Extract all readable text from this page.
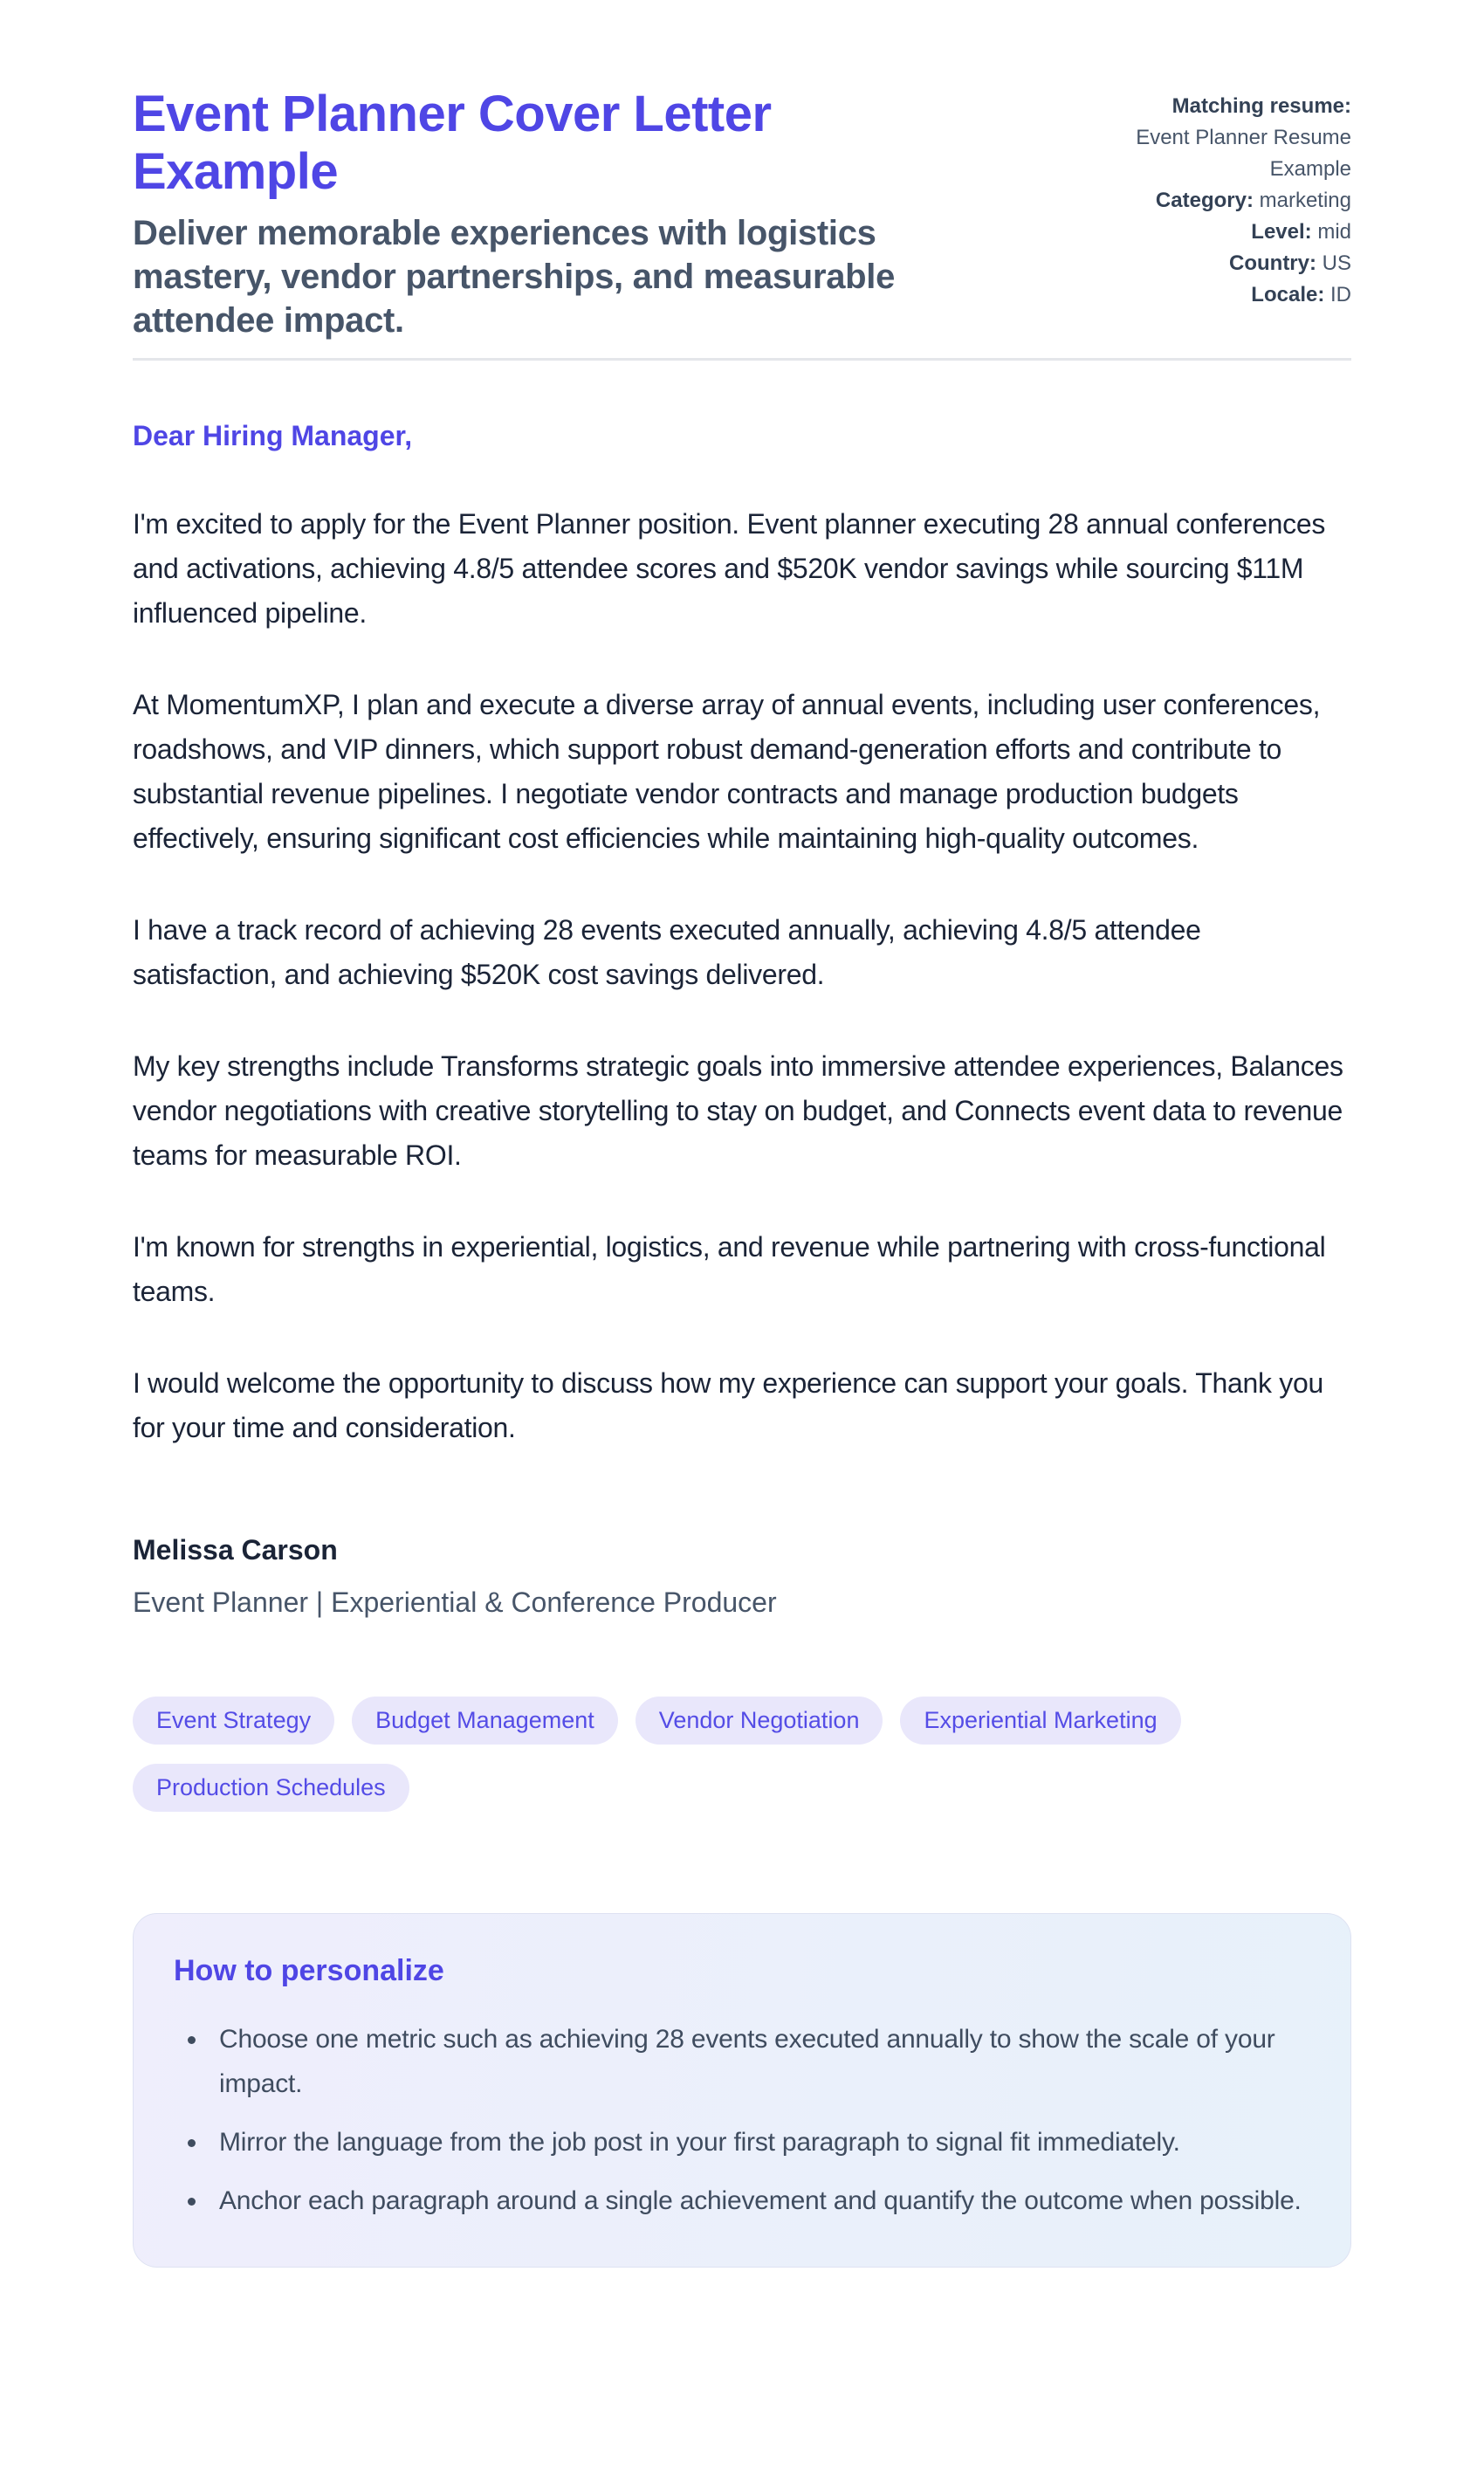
Event Planner Cover Letter Example

Deliver memorable experiences with logistics mastery, vendor partnerships, and measurable attendee impact.

Matching resume: Event Planner Resume Example
Category: marketing
Level: mid
Country: US
Locale: ID

Dear Hiring Manager,

I'm excited to apply for the Event Planner position. Event planner executing 28 annual conferences and activations, achieving 4.8/5 attendee scores and $520K vendor savings while sourcing $11M influenced pipeline.

At MomentumXP, I plan and execute a diverse array of annual events, including user conferences, roadshows, and VIP dinners, which support robust demand-generation efforts and contribute to substantial revenue pipelines. I negotiate vendor contracts and manage production budgets effectively, ensuring significant cost efficiencies while maintaining high-quality outcomes.

I have a track record of achieving 28 events executed annually, achieving 4.8/5 attendee satisfaction, and achieving $520K cost savings delivered.

My key strengths include Transforms strategic goals into immersive attendee experiences, Balances vendor negotiations with creative storytelling to stay on budget, and Connects event data to revenue teams for measurable ROI.

I'm known for strengths in experiential, logistics, and revenue while partnering with cross-functional teams.

I would welcome the opportunity to discuss how my experience can support your goals. Thank you for your time and consideration.

Melissa Carson

Event Planner | Experiential & Conference Producer

Event Strategy	Budget Management	Vendor Negotiation	Experiential Marketing
Production Schedules
How to personalize
• Choose one metric such as achieving 28 events executed annually to show the scale of your impact.
• Mirror the language from the job post in your first paragraph to signal fit immediately.
• Anchor each paragraph around a single achievement and quantify the outcome when possible.
